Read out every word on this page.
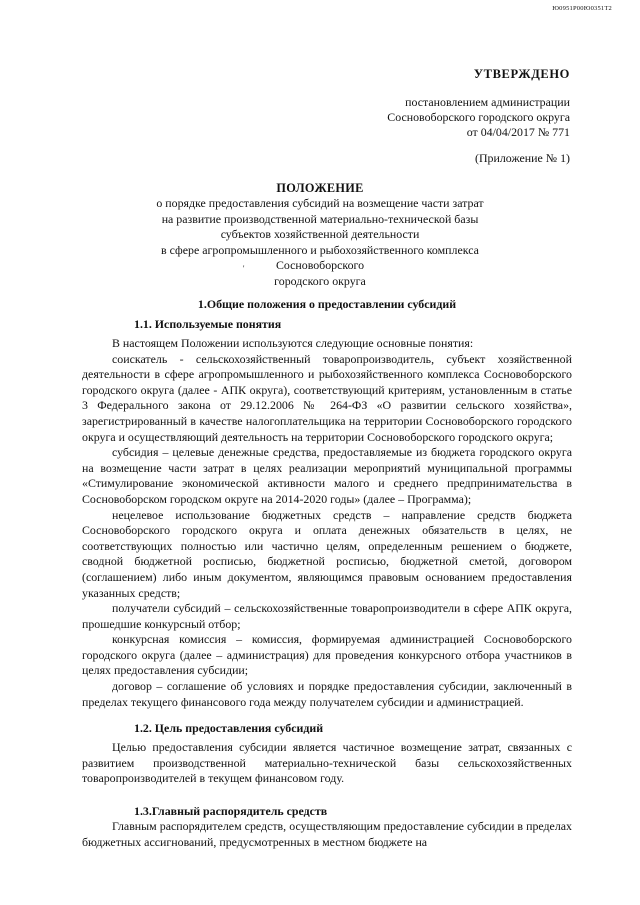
Ю0951Р00Ю0351Т2
УТВЕРЖДЕНО
постановлением администрации
Сосновоборского городского округа
от 04/04/2017 № 771
(Приложение № 1)
ПОЛОЖЕНИЕ
о порядке предоставления субсидий на возмещение части затрат
на развитие производственной материально-технической базы
субъектов хозяйственной деятельности
в сфере агропромышленного и рыбохозяйственного комплекса Сосновоборского
городского округа
'
1.Общие положения о предоставлении субсидий
1.1. Используемые понятия
В настоящем Положении используются следующие основные понятия:
соискатель - сельскохозяйственный товаропроизводитель, субъект хозяйственной деятельности в сфере агропромышленного и рыбохозяйственного комплекса Сосновоборского городского округа (далее - АПК округа), соответствующий критериям, установленным в статье 3 Федерального закона от 29.12.2006 № 264-ФЗ «О развитии сельского хозяйства», зарегистрированный в качестве налогоплательщика на территории Сосновоборского городского округа и осуществляющий деятельность на территории Сосновоборского городского округа;
субсидия – целевые денежные средства, предоставляемые из бюджета городского округа на возмещение части затрат в целях реализации мероприятий муниципальной программы «Стимулирование экономической активности малого и среднего предпринимательства в Сосновоборском городском округе на 2014-2020 годы» (далее – Программа);
нецелевое использование бюджетных средств – направление средств бюджета Сосновоборского городского округа и оплата денежных обязательств в целях, не соответствующих полностью или частично целям, определенным решением о бюджете, сводной бюджетной росписью, бюджетной росписью, бюджетной сметой, договором (соглашением) либо иным документом, являющимся правовым основанием предоставления указанных средств;
получатели субсидий – сельскохозяйственные товаропроизводители в сфере АПК округа, прошедшие конкурсный отбор;
конкурсная комиссия – комиссия, формируемая администрацией Сосновоборского городского округа (далее – администрация) для проведения конкурсного отбора участников в целях предоставления субсидии;
договор – соглашение об условиях и порядке предоставления субсидии, заключенный в пределах текущего финансового года между получателем субсидии и администрацией.
1.2. Цель предоставления субсидий
Целью предоставления субсидии является частичное возмещение затрат, связанных с развитием производственной материально-технической базы сельскохозяйственных товаропроизводителей в текущем финансовом году.
1.3.Главный распорядитель средств
Главным распорядителем средств, осуществляющим предоставление субсидии в пределах бюджетных ассигнований, предусмотренных в местном бюджете на
